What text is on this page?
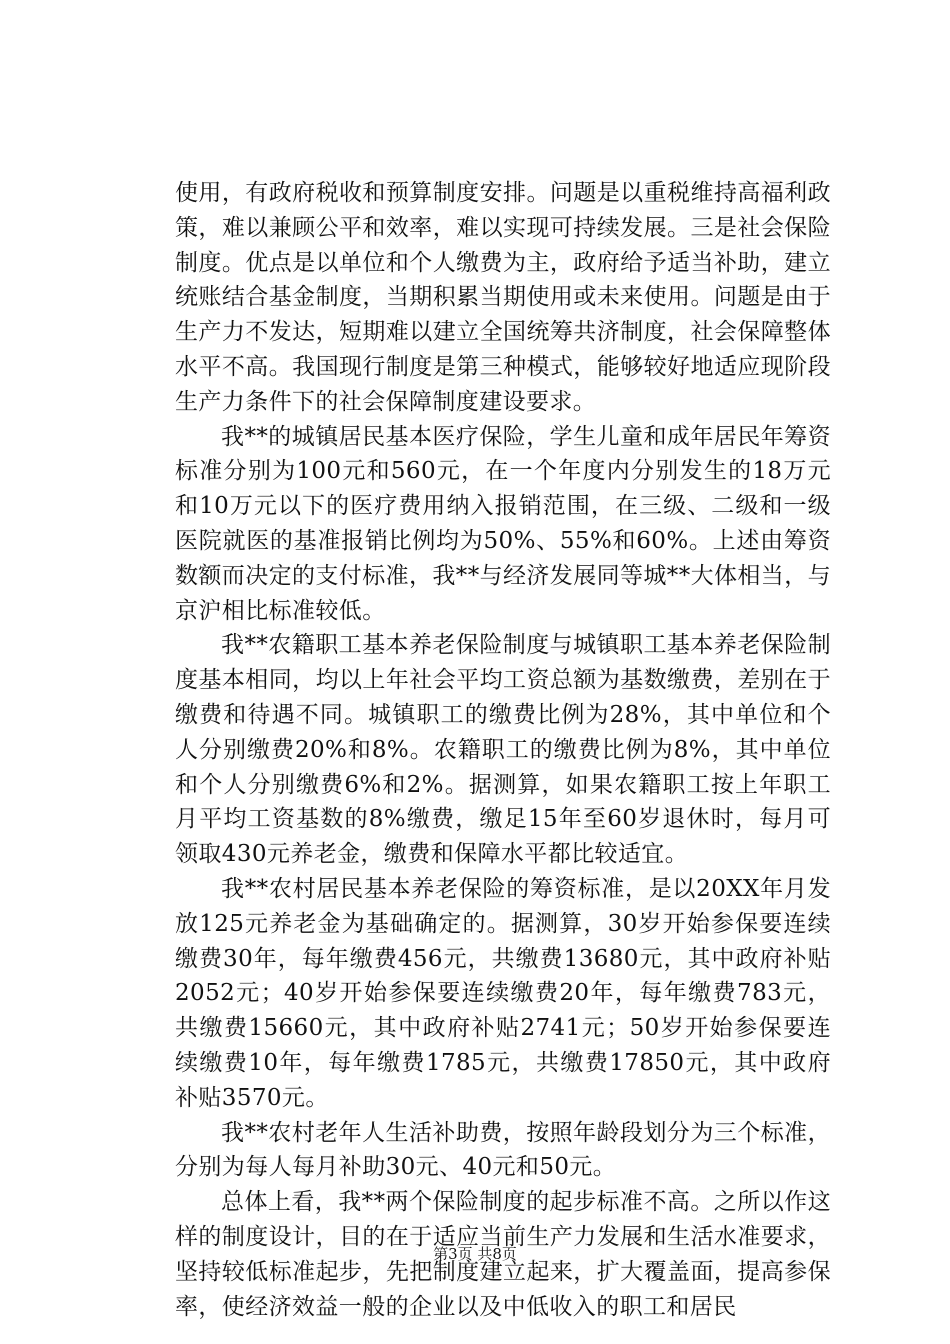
使用，有政府税收和预算制度安排。问题是以重税维持高福利政策，难以兼顾公平和效率，难以实现可持续发展。三是社会保险制度。优点是以单位和个人缴费为主，政府给予适当补助，建立统账结合基金制度，当期积累当期使用或未来使用。问题是由于生产力不发达，短期难以建立全国统筹共济制度，社会保障整体水平不高。我国现行制度是第三种模式，能够较好地适应现阶段生产力条件下的社会保障制度建设要求。

我**的城镇居民基本医疗保险，学生儿童和成年居民年筹资标准分别为100元和560元，在一个年度内分别发生的18万元和10万元以下的医疗费用纳入报销范围，在三级、二级和一级医院就医的基准报销比例均为50%、55%和60%。上述由筹资数额而决定的支付标准，我**与经济发展同等城**大体相当，与京沪相比标准较低。

我**农籍职工基本养老保险制度与城镇职工基本养老保险制度基本相同，均以上年社会平均工资总额为基数缴费，差别在于缴费和待遇不同。城镇职工的缴费比例为28%，其中单位和个人分别缴费20%和8%。农籍职工的缴费比例为8%，其中单位和个人分别缴费6%和2%。据测算，如果农籍职工按上年职工月平均工资基数的8%缴费，缴足15年至60岁退休时，每月可领取430元养老金，缴费和保障水平都比较适宜。

我**农村居民基本养老保险的筹资标准，是以20XX年月发放125元养老金为基础确定的。据测算，30岁开始参保要连续缴费30年，每年缴费456元，共缴费13680元，其中政府补贴2052元；40岁开始参保要连续缴费20年，每年缴费783元，共缴费15660元，其中政府补贴2741元；50岁开始参保要连续缴费10年，每年缴费1785元，共缴费17850元，其中政府补贴3570元。

我**农村老年人生活补助费，按照年龄段划分为三个标准，分别为每人每月补助30元、40元和50元。

总体上看，我**两个保险制度的起步标准不高。之所以作这样的制度设计，目的在于适应当前生产力发展和生活水准要求，坚持较低标准起步，先把制度建立起来，扩大覆盖面，提高参保率，使经济效益一般的企业以及中低收入的职工和居民

第3页 共8页
